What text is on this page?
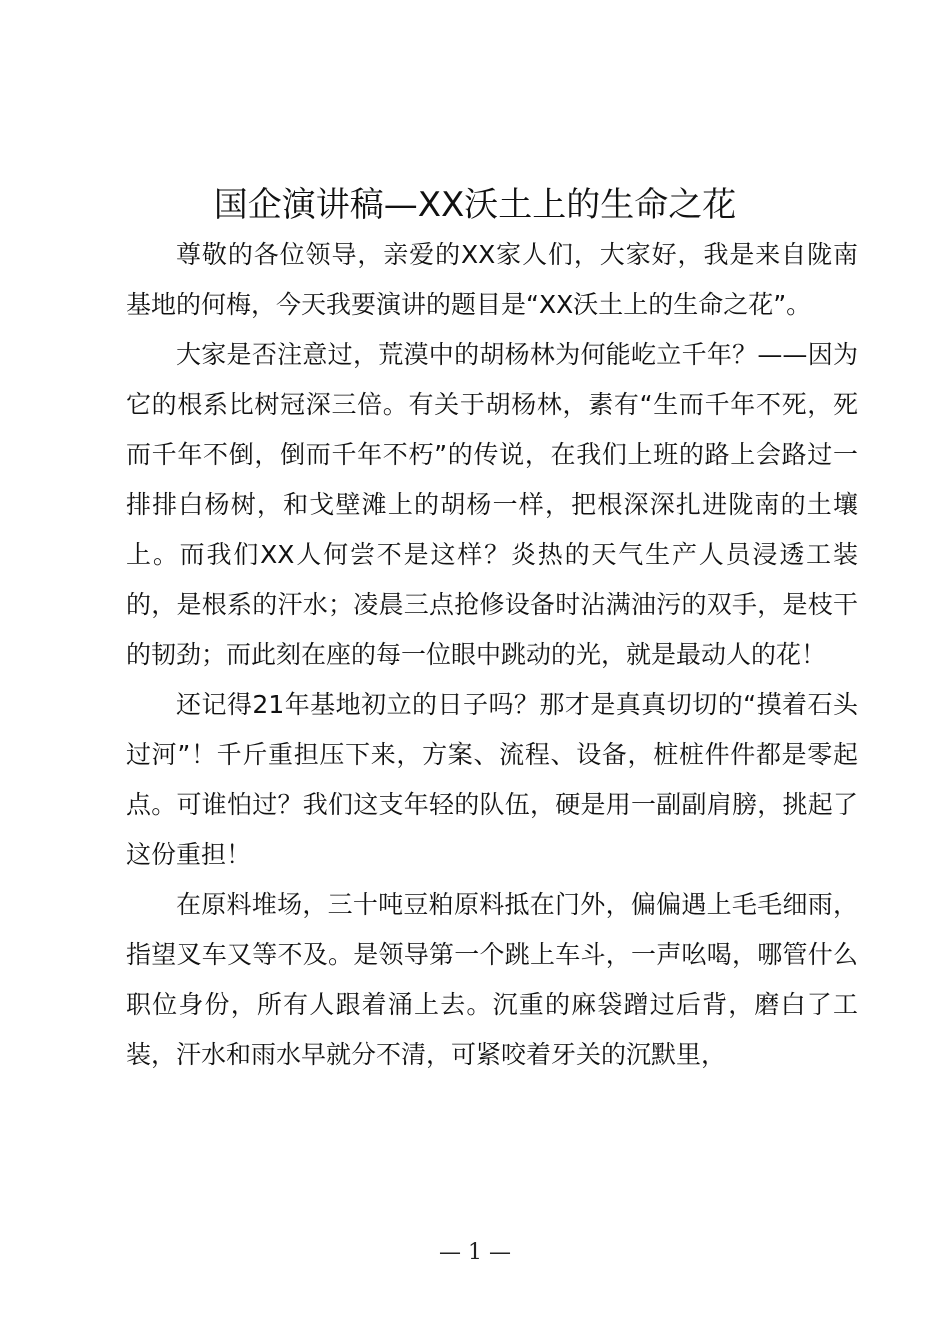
国企演讲稿—XX沃土上的生命之花

尊敬的各位领导，亲爱的XX家人们，大家好，我是来自陇南基地的何梅，今天我要演讲的题目是“XX沃土上的生命之花”。

大家是否注意过，荒漠中的胡杨林为何能屹立千年？——因为它的根系比树冠深三倍。有关于胡杨林，素有“生而千年不死，死而千年不倒，倒而千年不朽”的传说，在我们上班的路上会路过一排排白杨树，和戈壁滩上的胡杨一样，把根深深扎进陇南的土壤上。而我们XX人何尝不是这样？炎热的天气生产人员浸透工装的，是根系的汗水；凌晨三点抢修设备时沾满油污的双手，是枝干的韧劲；而此刻在座的每一位眼中跳动的光，就是最动人的花！

还记得21年基地初立的日子吗？那才是真真切切的“摸着石头过河”！千斤重担压下来，方案、流程、设备，桩桩件件都是零起点。可谁怕过？我们这支年轻的队伍，硬是用一副副肩膀，挑起了这份重担！

在原料堆场，三十吨豆粕原料抵在门外，偏偏遇上毛毛细雨，指望叉车又等不及。是领导第一个跳上车斗，一声吆喝，哪管什么职位身份，所有人跟着涌上去。沉重的麻袋蹭过后背，磨白了工装，汗水和雨水早就分不清，可紧咬着牙关的沉默里，

— 1 —
